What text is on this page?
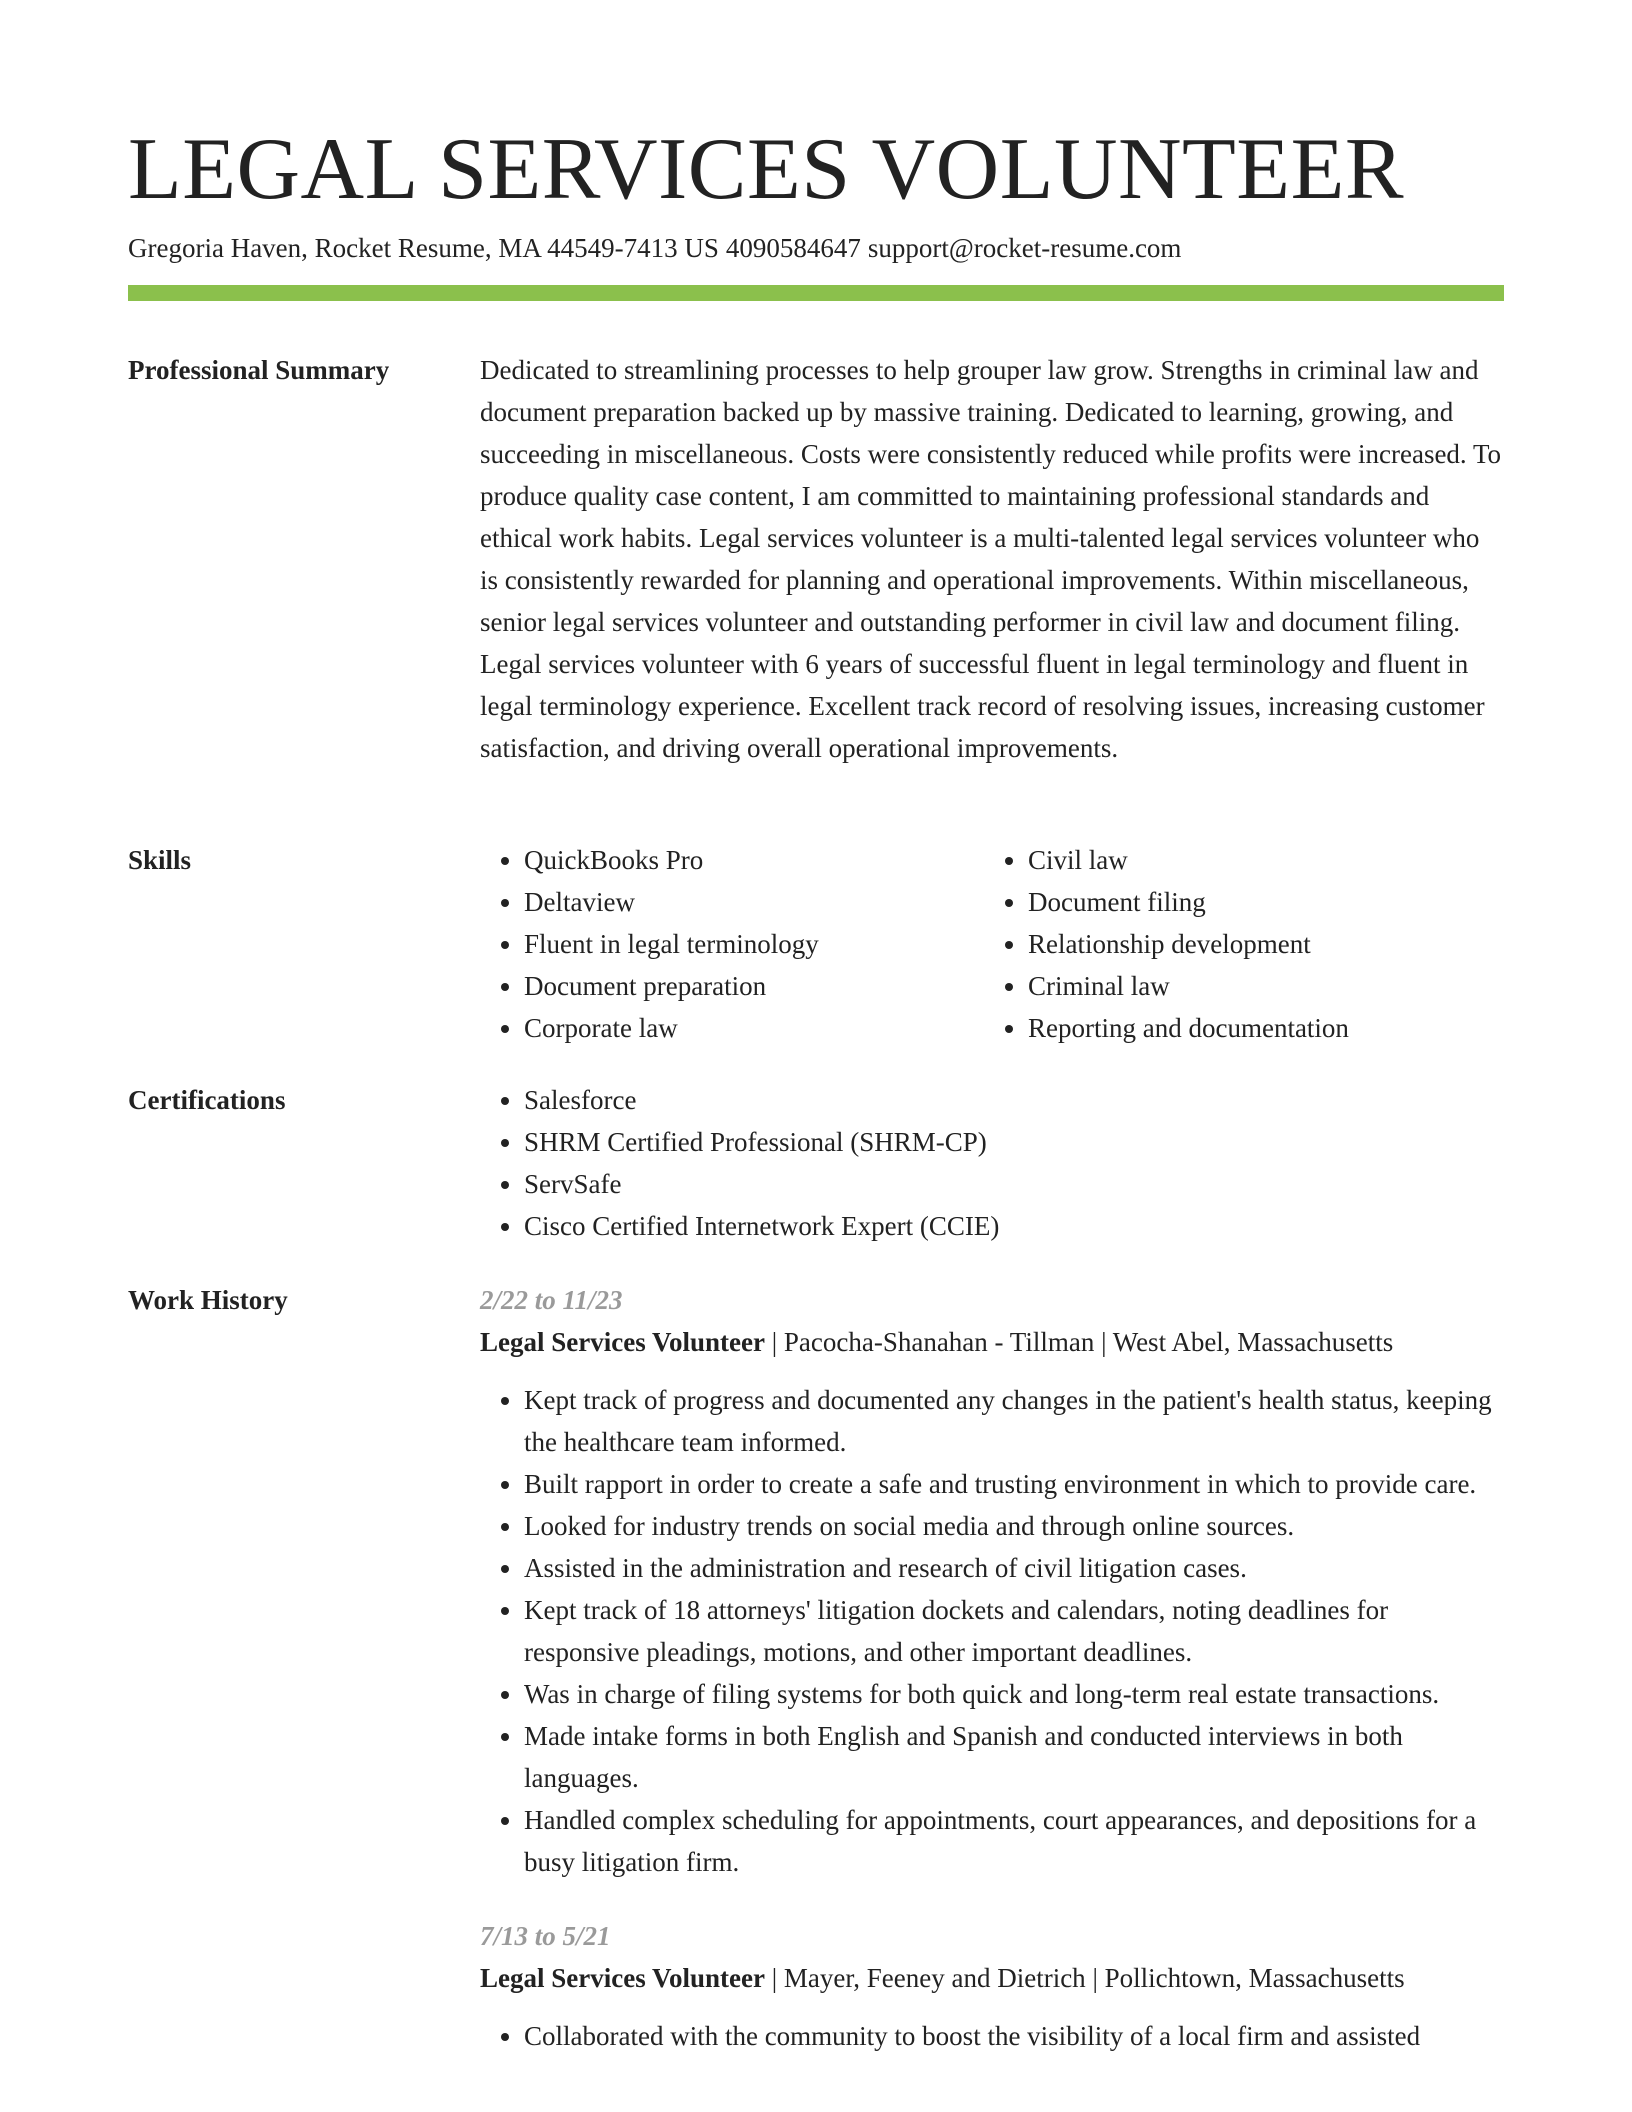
LEGAL SERVICES VOLUNTEER
Gregoria Haven, Rocket Resume, MA 44549-7413 US 4090584647 support@rocket-resume.com
Professional Summary	Dedicated to streamlining processes to help grouper law grow. Strengths in criminal law and document preparation backed up by massive training. Dedicated to learning, growing, and succeeding in miscellaneous. Costs were consistently reduced while profits were increased. To produce quality case content, I am committed to maintaining professional standards and ethical work habits. Legal services volunteer is a multi-talented legal services volunteer who is consistently rewarded for planning and operational improvements. Within miscellaneous, senior legal services volunteer and outstanding performer in civil law and document filing. Legal services volunteer with 6 years of successful fluent in legal terminology and fluent in legal terminology experience. Excellent track record of resolving issues, increasing customer satisfaction, and driving overall operational improvements.

Skills	• QuickBooks Pro
• Deltaview
• Fluent in legal terminology
• Document preparation
• Corporate law
• Civil law
• Document filing
• Relationship development
• Criminal law
• Reporting and documentation
Certifications	• Salesforce
• SHRM Certified Professional (SHRM-CP)
• ServSafe
• Cisco Certified Internetwork Expert (CCIE)
Work History	2/22 to 11/23
Legal Services Volunteer | Pacocha-Shanahan - Tillman | West Abel, Massachusetts
• Kept track of progress and documented any changes in the patient's health status, keeping the healthcare team informed.
• Built rapport in order to create a safe and trusting environment in which to provide care.
• Looked for industry trends on social media and through online sources.
• Assisted in the administration and research of civil litigation cases.
• Kept track of 18 attorneys' litigation dockets and calendars, noting deadlines for responsive pleadings, motions, and other important deadlines.
• Was in charge of filing systems for both quick and long-term real estate transactions.
• Made intake forms in both English and Spanish and conducted interviews in both languages.
• Handled complex scheduling for appointments, court appearances, and depositions for a busy litigation firm.
7/13 to 5/21
Legal Services Volunteer | Mayer, Feeney and Dietrich | Pollichtown, Massachusetts
• Collaborated with the community to boost the visibility of a local firm and assisted
